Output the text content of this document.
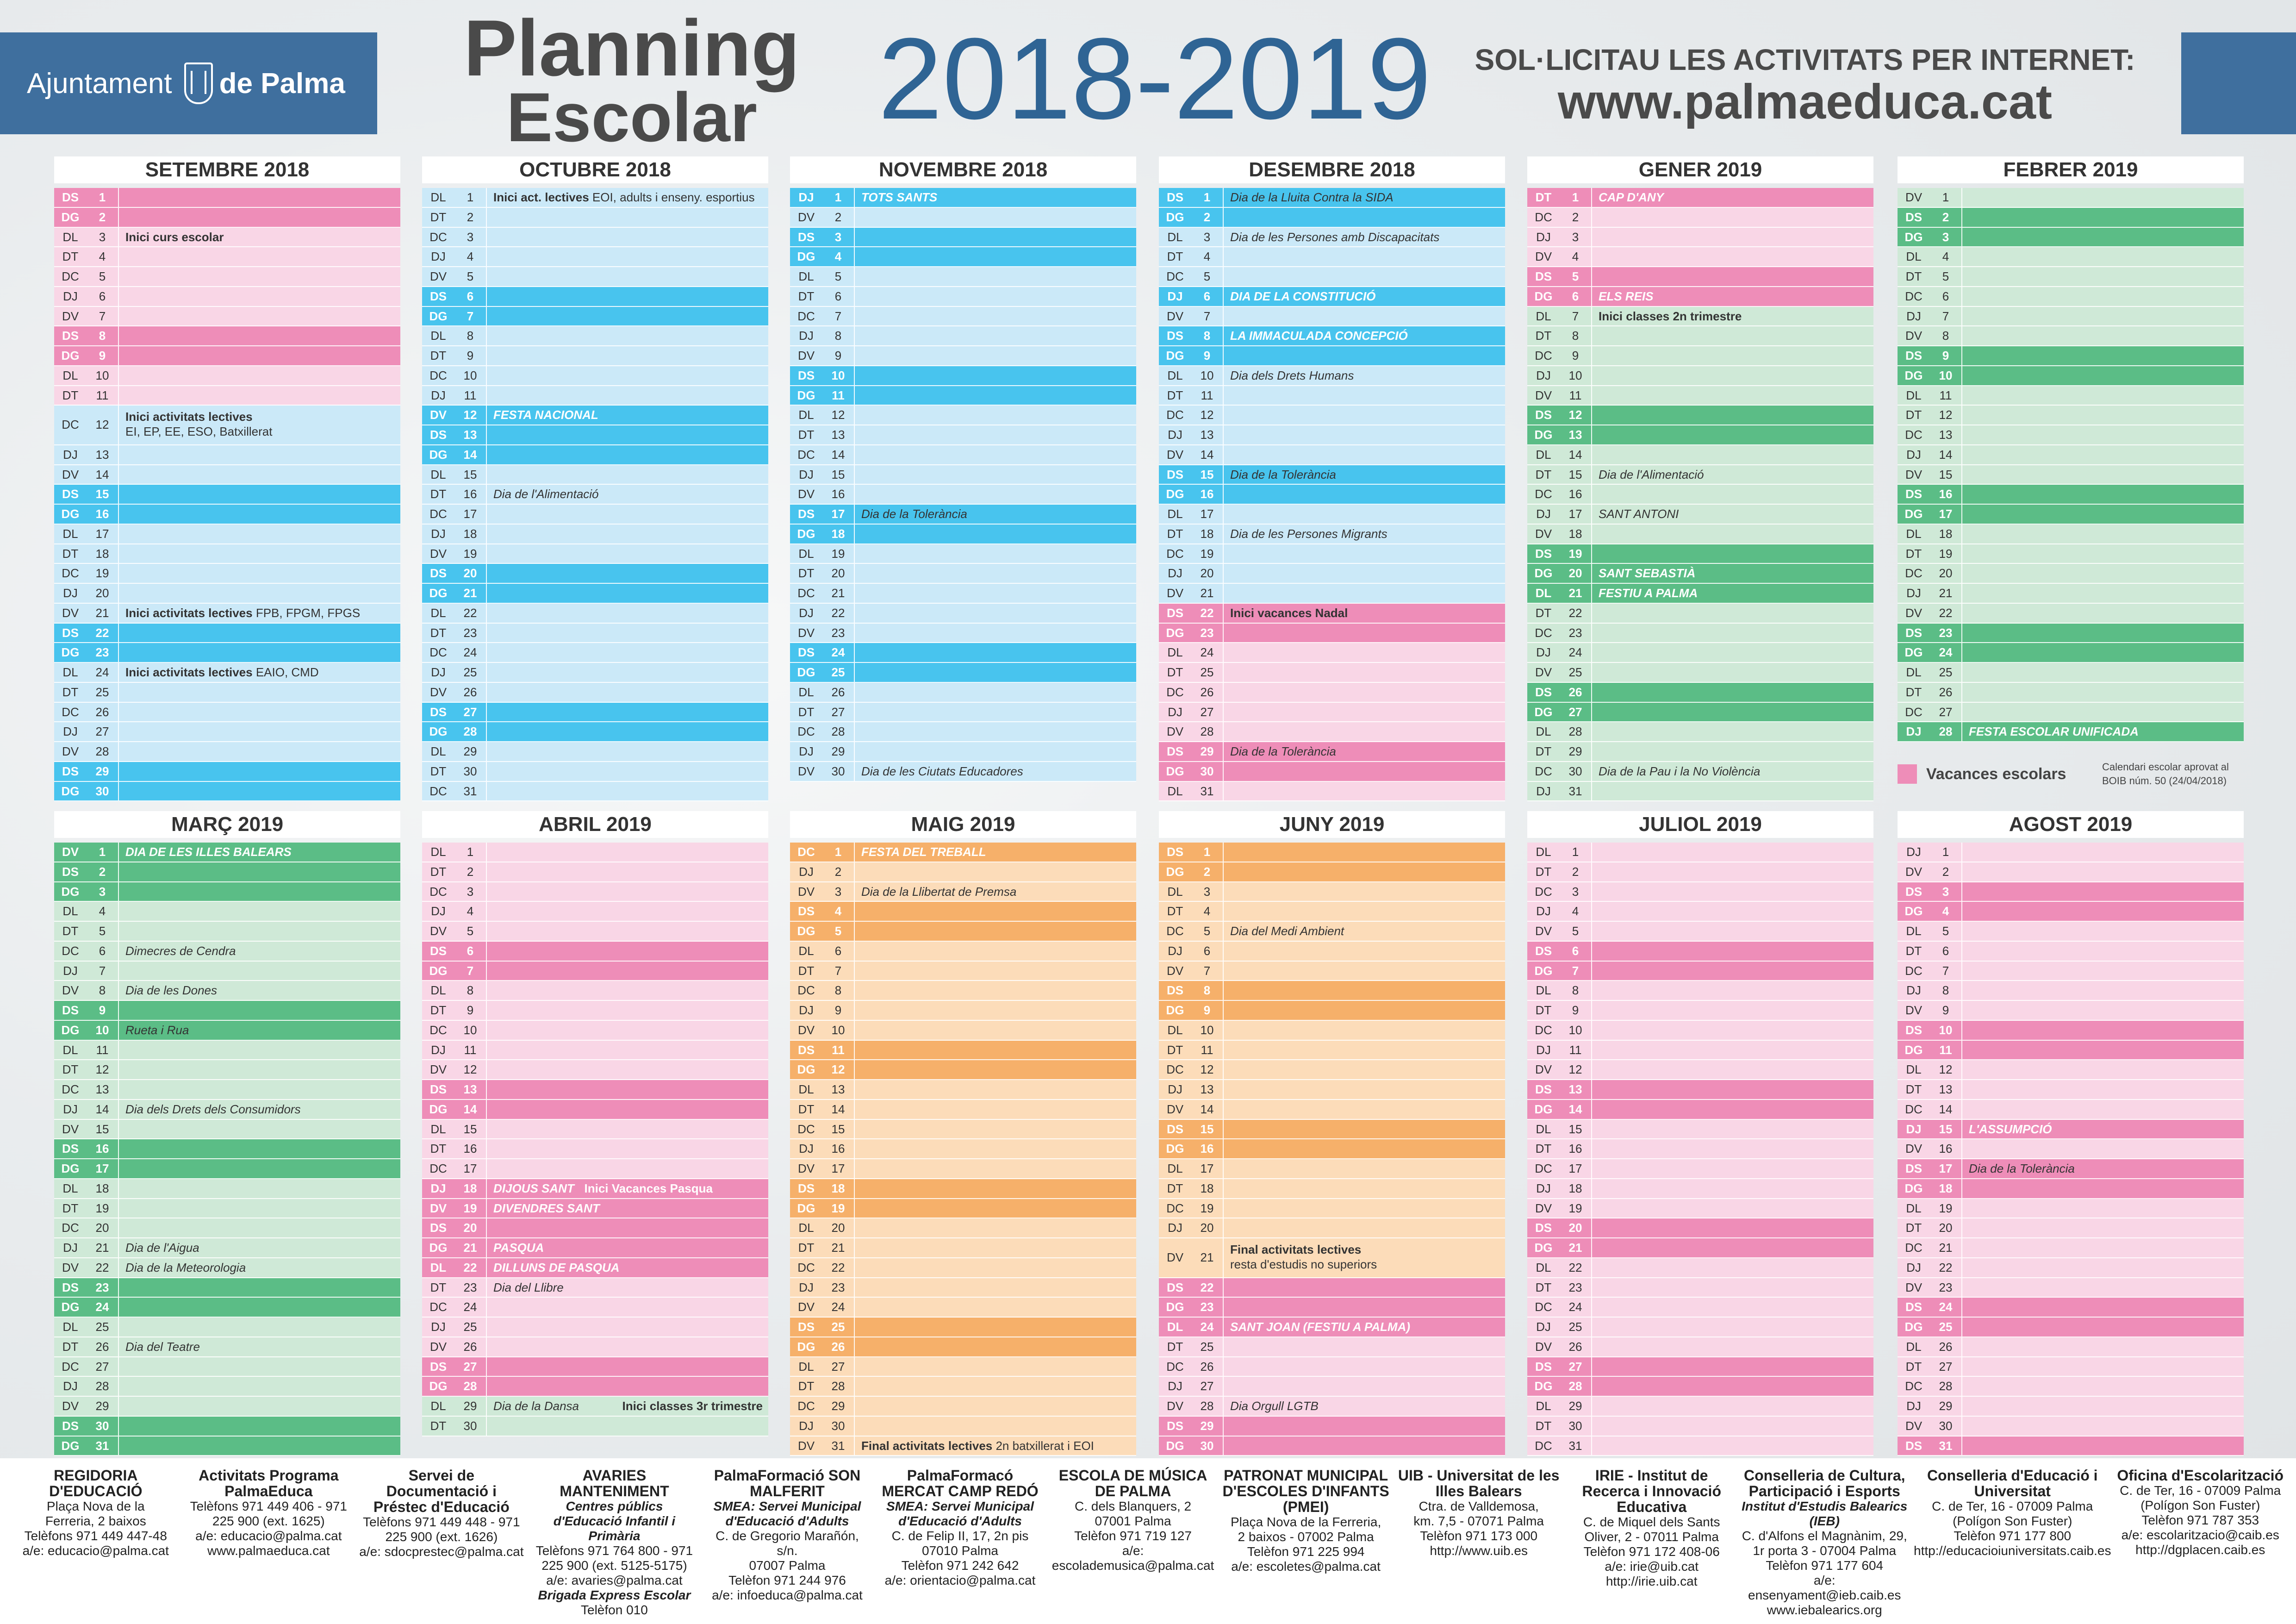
Ajuntament de Palma Planning
Escolar	2018-2019	SOL·LICITAU LES ACTIVITATS PER INTERNET:
www.palmaeduca.cat
SETEMBRE 2018
DS	1
DG	2
DL	3	Inici curs escolar
DT	4
DC	5
DJ	6
DV	7
DS	8
DG	9
DL	10
DT	11
DC	12
Inici activitats lectives
EI, EP, EE, ESO, Batxillerat
DJ	13
DV	14
DS	15
DG	16
DL	17
DT	18
DC	19
DJ	20
DV	21	Inici activitats lectives FPB, FPGM, FPGS
DS	22
DG	23
DL	24	Inici activitats lectives EAIO, CMD
DT	25
DC	26
DJ	27
DV	28
DS	29
DG	30
OCTUBRE 2018
DL	1	Inici act. lectives EOI, adults i enseny. esportius
DT	2
DC	3
DJ	4
DV	5
DS	6
DG	7
DL	8
DT	9
DC	10
DJ	11
DV	12	FESTA NACIONAL
DS	13
DG	14
DL	15
DT	16	Dia de l'Alimentació
DC	17
DJ	18
DV	19
DS	20
DG	21
DL	22
DT	23
DC	24
DJ	25
DV	26
DS	27
DG	28
DL	29
DT	30
DC	31
NOVEMBRE 2018
DJ	1	TOTS SANTS
DV	2
DS	3
DG	4
DL	5
DT	6
DC	7
DJ	8
DV	9
DS	10
DG	11
DL	12
DT	13
DC	14
DJ	15
DV	16
DS	17	Dia de la Tolerància
DG	18
DL	19
DT	20
DC	21
DJ	22
DV	23
DS	24
DG	25
DL	26
DT	27
DC	28
DJ	29
DV	30	Dia de les Ciutats Educadores
DESEMBRE 2018
DS	1	Dia de la Lluita Contra la SIDA
DG	2
DL	3	Dia de les Persones amb Discapacitats
DT	4
DC	5
DJ	6	DIA DE LA CONSTITUCIÓ
DV	7
DS	8	LA IMMACULADA CONCEPCIÓ
DG	9
DL	10	Dia dels Drets Humans
DT	11
DC	12
DJ	13
DV	14
DS	15	Dia de la Tolerància
DG	16
DL	17
DT	18	Dia de les Persones Migrants
DC	19
DJ	20
DV	21
DS	22	Inici vacances Nadal
DG	23
DL	24
DT	25
DC	26
DJ	27
DV	28
DS	29	Dia de la Tolerància
DG	30
DL	31
GENER 2019
DT	1	CAP D'ANY
DC	2
DJ	3
DV	4
DS	5
DG	6	ELS REIS
DL	7	Inici classes 2n trimestre
DT	8
DC	9
DJ	10
DV	11
DS	12
DG	13
DL	14
DT	15	Dia de l'Alimentació
DC	16
DJ	17	SANT ANTONI
DV	18
DS	19
DG	20	SANT SEBASTIÀ
DL	21	FESTIU A PALMA
DT	22
DC	23
DJ	24
DV	25
DS	26
DG	27
DL	28
DT	29
DC	30	Dia de la Pau i la No Violència
DJ	31
FEBRER 2019
DV	1
DS	2
DG	3
DL	4
DT	5
DC	6
DJ	7
DV	8
DS	9
DG	10
DL	11
DT	12
DC	13
DJ	14
DV	15
DS	16
DG	17
DL	18
DT	19
DC	20
DJ	21
DV	22
DS	23
DG	24
DL	25
DT	26
DC	27
DJ	28	FESTA ESCOLAR UNIFICADA
MARÇ 2019
DV	1	DIA DE LES ILLES BALEARS
DS	2
DG	3
DL	4
DT	5
DC	6	Dimecres de Cendra
DJ	7
DV	8	Dia de les Dones
DS	9
DG	10	Rueta i Rua
DL	11
DT	12
DC	13
DJ	14	Dia dels Drets dels Consumidors
DV	15
DS	16
DG	17
DL	18
DT	19
DC	20
DJ	21	Dia de l'Aigua
DV	22	Dia de la Meteorologia
DS	23
DG	24
DL	25
DT	26	Dia del Teatre
DC	27
DJ	28
DV	29
DS	30
DG	31
ABRIL 2019
DL	1
DT	2
DC	3
DJ	4
DV	5
DS	6
DG	7
DL	8
DT	9
DC	10
DJ	11
DV	12
DS	13
DG	14
DL	15
DT	16
DC	17
DJ	18	DIJOUS SANT Inici Vacances Pasqua
DV	19	DIVENDRES SANT
DS	20
DG	21	PASQUA
DL	22	DILLUNS DE PASQUA
DT	23	Dia del Llibre
DC	24
DJ	25
DV	26
DS	27
DG	28
DL	29	Dia de la Dansa	Inici classes 3r trimestre
DT	30
MAIG 2019
DC	1	FESTA DEL TREBALL
DJ	2
DV	3	Dia de la Llibertat de Premsa
DS	4
DG	5
DL	6
DT	7
DC	8
DJ	9
DV	10
DS	11
DG	12
DL	13
DT	14
DC	15
DJ	16
DV	17
DS	18
DG	19
DL	20
DT	21
DC	22
DJ	23
DV	24
DS	25
DG	26
DL	27
DT	28
DC	29
DJ	30
DV	31	Final activitats lectives 2n batxillerat i EOI
JUNY 2019
DS	1
DG	2
DL	3
DT	4
DC	5	Dia del Medi Ambient
DJ	6
DV	7
DS	8
DG	9
DL	10
DT	11
DC	12
DJ	13
DV	14
DS	15
DG	16
DL	17
DT	18
DC	19
DJ	20
DV	21
Final activitats lectives
resta d'estudis no superiors
DS	22
DG	23
DL	24	SANT JOAN (FESTIU A PALMA)
DT	25
DC	26
DJ	27
DV	28	Dia Orgull LGTB
DS	29
DG	30
JULIOL 2019
DL	1
DT	2
DC	3
DJ	4
DV	5
DS	6
DG	7
DL	8
DT	9
DC	10
DJ	11
DV	12
DS	13
DG	14
DL	15
DT	16
DC	17
DJ	18
DV	19
DS	20
DG	21
DL	22
DT	23
DC	24
DJ	25
DV	26
DS	27
DG	28
DL	29
DT	30
DC	31
AGOST 2019
DJ	1
DV	2
DS	3
DG	4
DL	5
DT	6
DC	7
DJ	8
DV	9
DS	10
DG	11
DL	12
DT	13
DC	14
DJ	15	L'ASSUMPCIÓ
DV	16
DS	17	Dia de la Tolerància
DG	18
DL	19
DT	20
DC	21
DJ	22
DV	23
DS	24
DG	25
DL	26
DT	27
DC	28
DJ	29
DV	30
DS	31
Vacances escolars	Calendari escolar aprovat al BOIB núm. 50 (24/04/2018)
REGIDORIA D'EDUCACIÓ
Plaça Nova de la
Ferreria, 2 baixos
Telèfons 971 449 447-48
a/e: educacio@palma.cat
Activitats Programa PalmaEduca
Telèfons 971 449 406 - 971
225 900 (ext. 1625)
a/e: educacio@palma.cat
www.palmaeduca.cat
Servei de Documentació i Préstec d'Educació
Telèfons 971 449 448 - 971
225 900 (ext. 1626)
a/e: sdocprestec@palma.cat
AVARIES MANTENIMENT
Centres públics d'Educació Infantil i Primària
Telèfons 971 764 800 - 971
225 900 (ext. 5125-5175)
a/e: avaries@palma.cat
Brigada Express Escolar
Telèfon 010
PalmaFormació SON MALFERIT
SMEA: Servei Municipal d'Educació d'Adults
C. de Gregorio Marañón, s/n.
07007 Palma
Telèfon 971 244 976
a/e: infoeduca@palma.cat
PalmaFormacó MERCAT CAMP REDÓ
SMEA: Servei Municipal d'Educació d'Adults
C. de Felip II, 17, 2n pis
07010 Palma
Telèfon 971 242 642
a/e: orientacio@palma.cat
ESCOLA DE MÚSICA DE PALMA
C. dels Blanquers, 2
07001 Palma
Telèfon 971 719 127
a/e: escolademusica@palma.cat
PATRONAT MUNICIPAL D'ESCOLES D'INFANTS (PMEI)
Plaça Nova de la Ferreria,
2 baixos - 07002 Palma
Telèfon 971 225 994
a/e: escoletes@palma.cat
UIB - Universitat de les Illes Balears
Ctra. de Valldemosa,
km. 7,5 - 07071 Palma
Telèfon 971 173 000
http://www.uib.es
IRIE - Institut de Recerca i Innovació Educativa
C. de Miquel dels Sants
Oliver, 2 - 07011 Palma
Telèfon 971 172 408-06
a/e: irie@uib.cat
http://irie.uib.cat
Conselleria de Cultura, Participació i Esports
Institut d'Estudis Balearics (IEB)
C. d'Alfons el Magnànim, 29,
1r porta 3 - 07004 Palma
Telèfon 971 177 604
a/e: ensenyament@ieb.caib.es
www.iebalearics.org
Conselleria d'Educació i Universitat
C. de Ter, 16 - 07009 Palma
(Polígon Son Fuster)
Telèfon 971 177 800
http://educacioiuniversitats.caib.es
Oficina d'Escolarització
C. de Ter, 16 - 07009 Palma
(Polígon Son Fuster)
Telèfon 971 787 353
a/e: escolaritzacio@caib.es
http://dgplacen.caib.es
